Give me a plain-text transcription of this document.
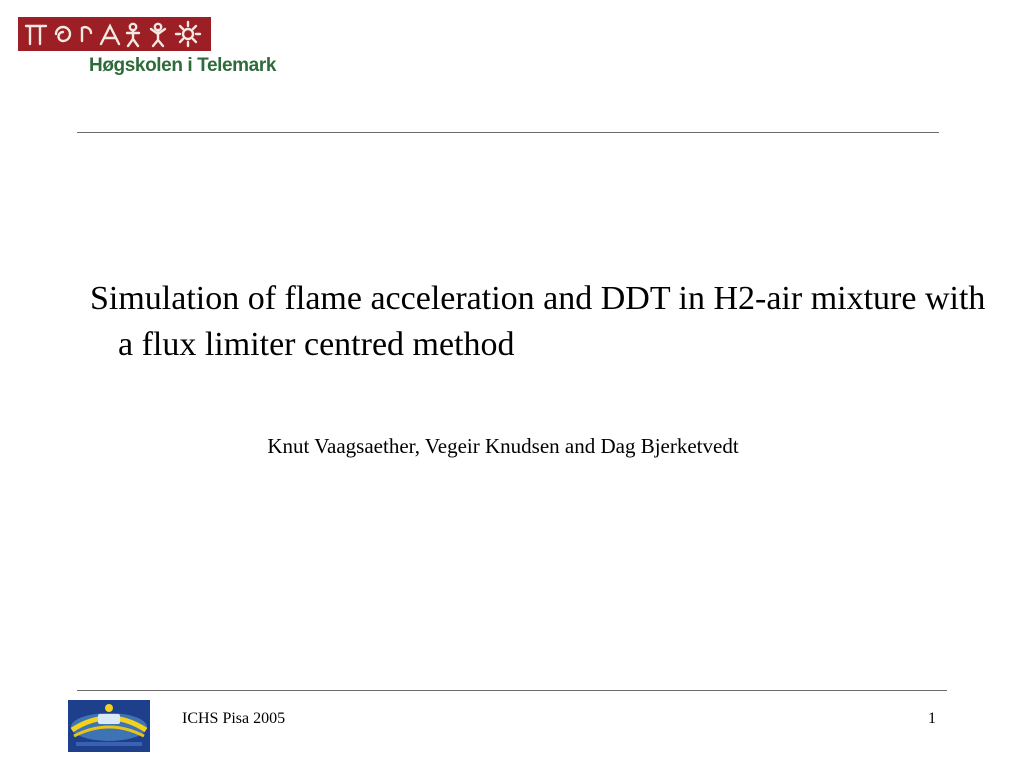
Høgskolen i Telemark
Simulation of flame acceleration and DDT in H2-air mixture with a flux limiter centred method

Knut Vaagsaether, Vegeir Knudsen and Dag Bjerketvedt

ICHS Pisa 2005	1
